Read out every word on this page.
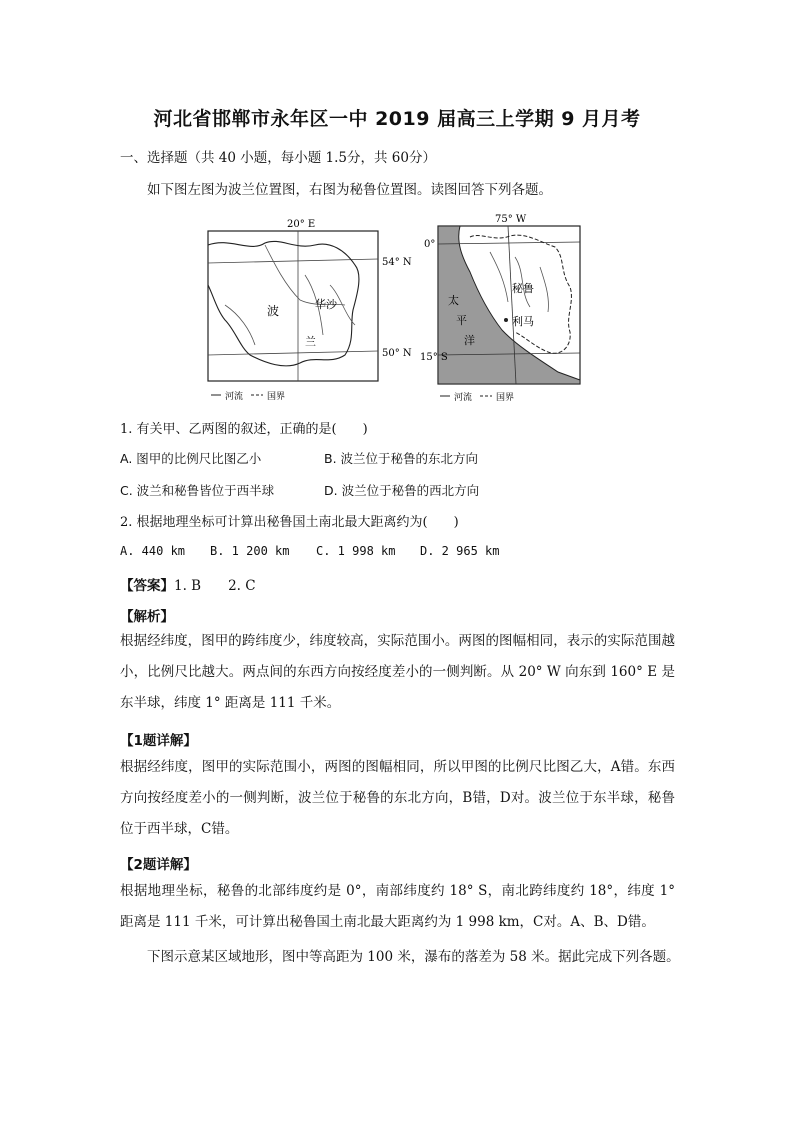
河北省邯郸市永年区一中 2019 届高三上学期 9 月月考
一、选择题（共 40 小题，每小题 1.5分，共 60分）
如下图左图为波兰位置图，右图为秘鲁位置图。读图回答下列各题。
20° E
54° N
50° N
波
兰
华沙
河流	国界
75° W
0°
15° S
秘鲁
利马
太
平
洋
河流	国界
1. 有关甲、乙两图的叙述，正确的是(　　)
A. 图甲的比例尺比图乙小	B. 波兰位于秘鲁的东北方向
C. 波兰和秘鲁皆位于西半球	D. 波兰位于秘鲁的西北方向
2. 根据地理坐标可计算出秘鲁国土南北最大距离约为(　　)
A. 440 km B. 1 200 km C. 1 998 km D. 2 965 km
【答案】1. B　　2. C
【解析】
根据经纬度，图甲的跨纬度少，纬度较高，实际范围小。两图的图幅相同，表示的实际范围越小，比例尺比越大。两点间的东西方向按经度差小的一侧判断。从 20° W 向东到 160° E 是东半球，纬度 1° 距离是 111 千米。
【1题详解】
根据经纬度，图甲的实际范围小，两图的图幅相同，所以甲图的比例尺比图乙大，A错。东西方向按经度差小的一侧判断，波兰位于秘鲁的东北方向，B错，D对。波兰位于东半球，秘鲁位于西半球，C错。
【2题详解】
根据地理坐标，秘鲁的北部纬度约是 0°，南部纬度约 18° S，南北跨纬度约 18°，纬度 1° 距离是 111 千米，可计算出秘鲁国土南北最大距离约为 1 998 km，C对。A、B、D错。
下图示意某区域地形，图中等高距为 100 米，瀑布的落差为 58 米。据此完成下列各题。
